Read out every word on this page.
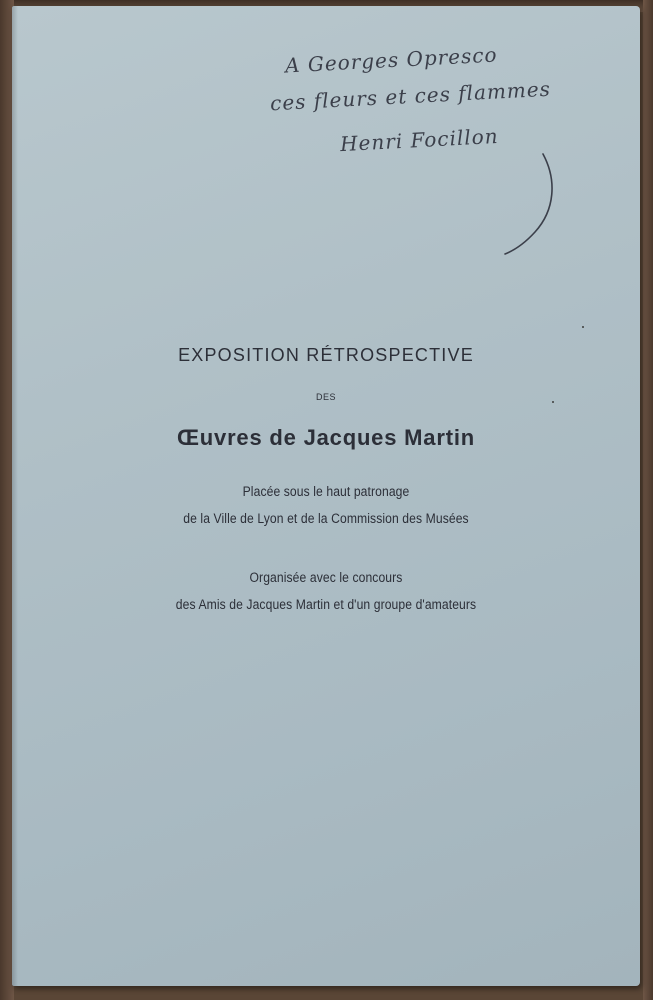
A Georges Opresco
ces fleurs et ces flammes
Henri Focillon
EXPOSITION RÉTROSPECTIVE
DES
Œuvres de Jacques Martin
Placée sous le haut patronage
de la Ville de Lyon et de la Commission des Musées
Organisée avec le concours
des Amis de Jacques Martin et d'un groupe d'amateurs
